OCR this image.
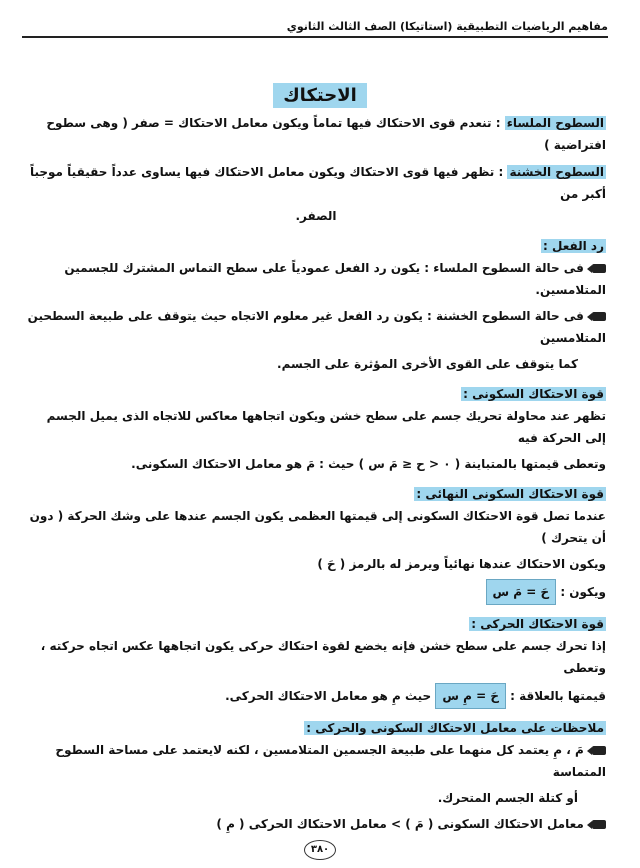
مفاهيم الرياضيات التطبيقية (استاتيكا) الصف الثالث الثانوي
الاحتكاك
السطوح الملساء : تنعدم قوى الاحتكاك فيها تماماً ويكون معامل الاحتكاك = صفر ( وهى سطوح افتراضية )
السطوح الخشنة : تظهر فيها قوى الاحتكاك ويكون معامل الاحتكاك فيها يساوى عدداً حقيقياً موجباً أكبر من
الصفر.
رد الفعل :
فى حالة السطوح الملساء : يكون رد الفعل عمودياً على سطح التماس المشترك للجسمين المتلامسين.
فى حالة السطوح الخشنة : يكون رد الفعل غير معلوم الاتجاه حيث يتوقف على طبيعة السطحين المتلامسين
كما يتوقف على القوى الأخرى المؤثرة على الجسم.
قوة الاحتكاك السكونى :
تظهر عند محاولة تحريك جسم على سطح خشن ويكون اتجاهها معاكس للاتجاه الذى يميل الجسم إلى الحركة فيه
وتعطى قيمتها بالمتباينة ( ٠ < ح ≤ مَ س ) حيث : مَ هو معامل الاحتكاك السكونى.
قوة الاحتكاك السكونى النهائى :
عندما تصل قوة الاحتكاك السكونى إلى قيمتها العظمى يكون الجسم عندها على وشك الحركة ( دون أن يتحرك )
ويكون الاحتكاك عندها نهائياً ويرمز له بالرمز ( حَ )
ويكون : حَ = مَ س
قوة الاحتكاك الحركى :
إذا تحرك جسم على سطح خشن فإنه يخضع لقوة احتكاك حركى يكون اتجاهها عكس اتجاه حركته ، وتعطى
قيمتها بالعلاقة : حَ = مِ س حيث مِ هو معامل الاحتكاك الحركى.
ملاحظات على معامل الاحتكاك السكونى والحركى :
مَ ، مِ يعتمد كل منهما على طبيعة الجسمين المتلامسين ، لكنه لايعتمد على مساحة السطوح المتماسة
أو كتلة الجسم المتحرك.
معامل الاحتكاك السكونى ( مَ ) > معامل الاحتكاك الحركى ( مِ )
٣٨٠
